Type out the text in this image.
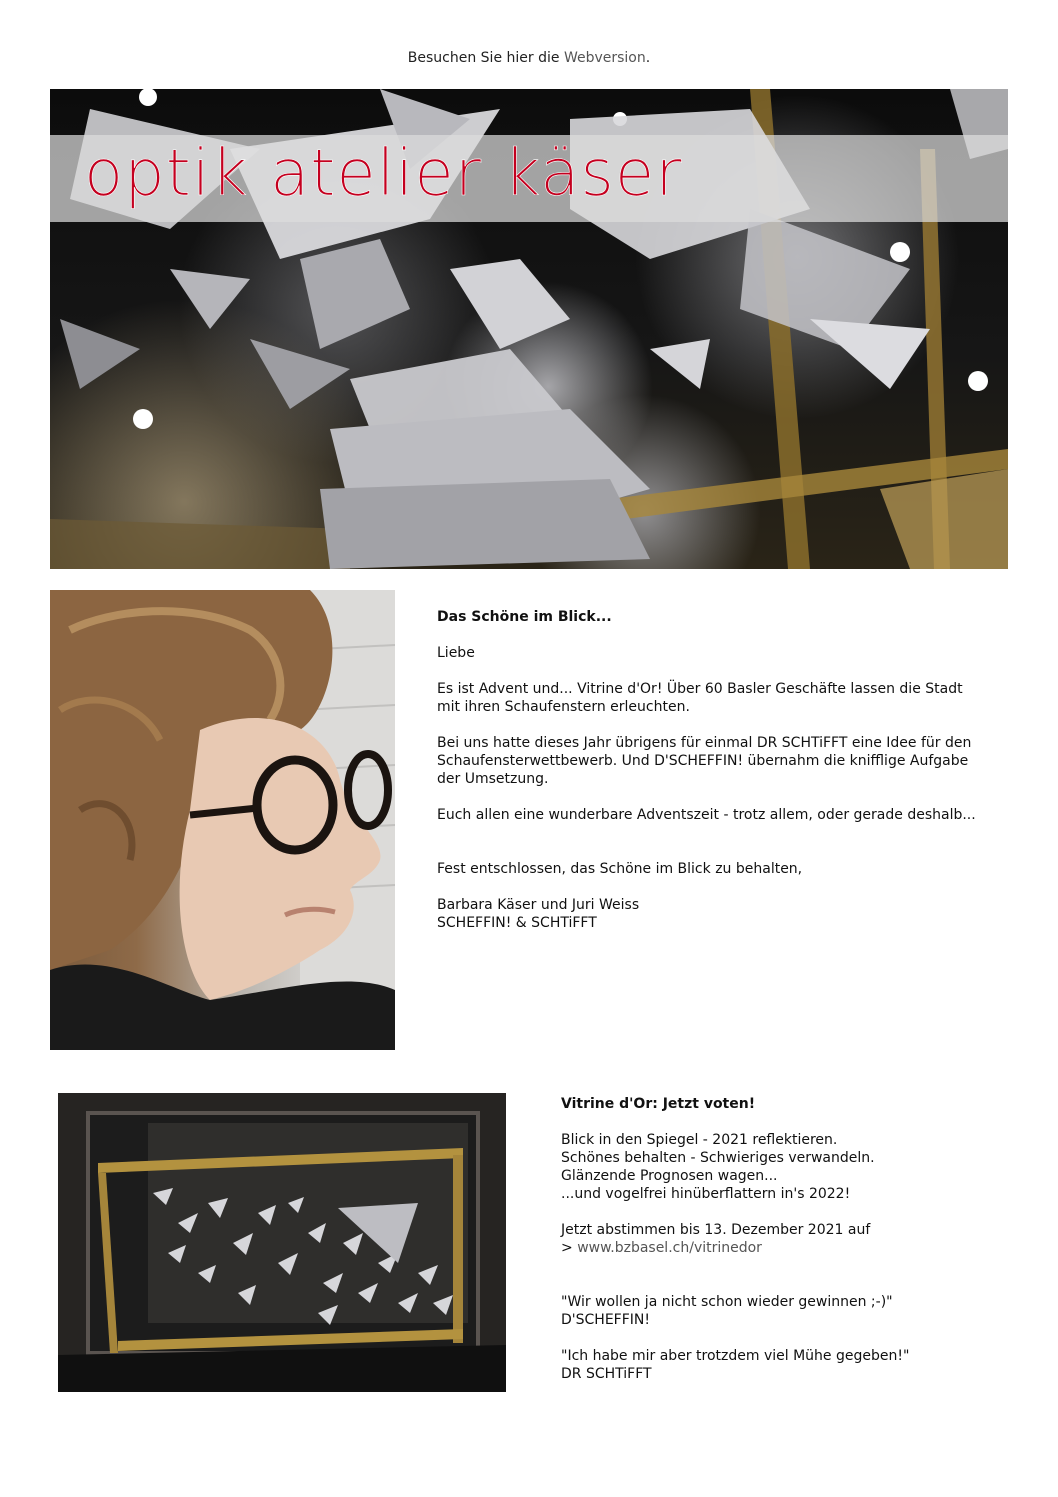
Besuchen Sie hier die Webversion.
optik atelier käser

Das Schöne im Blick...

Liebe

Es ist Advent und... Vitrine d'Or! Über 60 Basler Geschäfte lassen die Stadt mit ihren Schaufenstern erleuchten.

Bei uns hatte dieses Jahr übrigens für einmal DR SCHTiFFT eine Idee für den Schaufensterwettbewerb. Und D'SCHEFFIN! übernahm die knifflige Aufgabe der Umsetzung.

Euch allen eine wunderbare Adventszeit - trotz allem, oder gerade deshalb...

Fest entschlossen, das Schöne im Blick zu behalten,

Barbara Käser und Juri Weiss
SCHEFFIN! & SCHTiFFT

Vitrine d'Or: Jetzt voten!

Blick in den Spiegel - 2021 reflektieren.
Schönes behalten - Schwieriges verwandeln.
Glänzende Prognosen wagen...
...und vogelfrei hinüberflattern in's 2022!
Jetzt abstimmen bis 13. Dezember 2021 auf
> www.bzbasel.ch/vitrinedor
"Wir wollen ja nicht schon wieder gewinnen ;-)"
D'SCHEFFIN!
"Ich habe mir aber trotzdem viel Mühe gegeben!"
DR SCHTiFFT
